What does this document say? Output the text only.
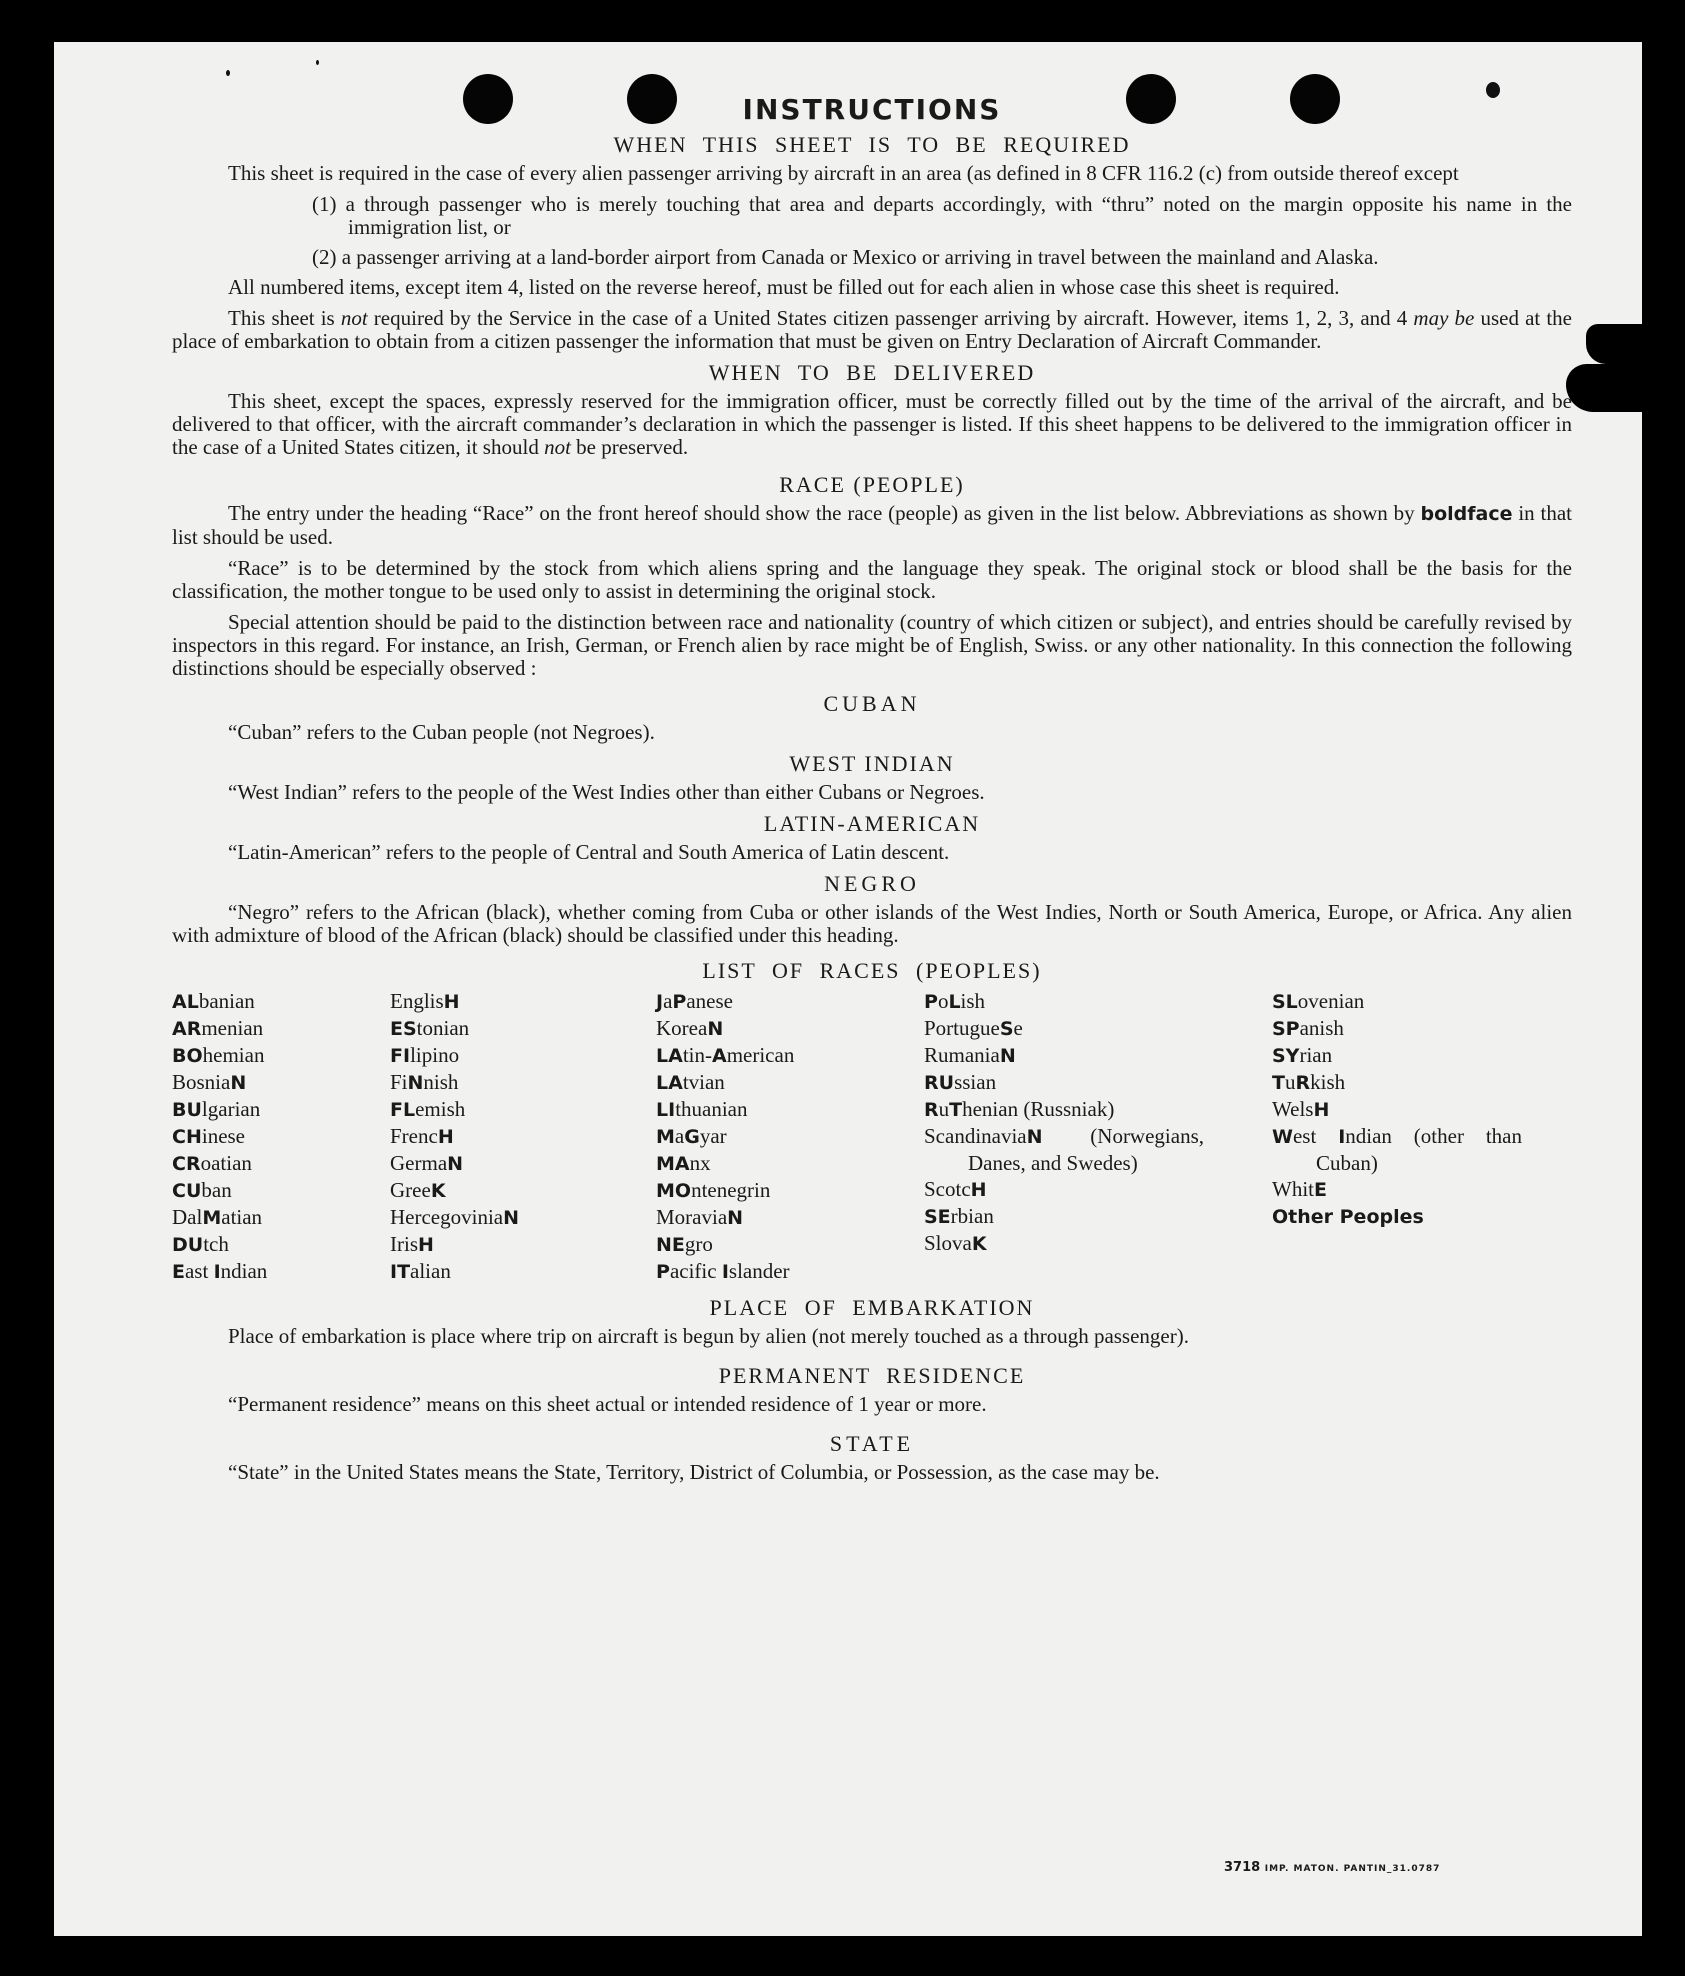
INSTRUCTIONS
WHEN THIS SHEET IS TO BE REQUIRED

This sheet is required in the case of every alien passenger arriving by aircraft in an area (as defined in 8 CFR 116.2 (c) from outside thereof except

(1) a through passenger who is merely touching that area and departs accordingly, with “thru” noted on the margin opposite his name in the immigration list, or

(2) a passenger arriving at a land-border airport from Canada or Mexico or arriving in travel between the mainland and Alaska.

All numbered items, except item 4, listed on the reverse hereof, must be filled out for each alien in whose case this sheet is required.

This sheet is not required by the Service in the case of a United States citizen passenger arriving by aircraft. However, items 1, 2, 3, and 4 may be used at the place of embarkation to obtain from a citizen passenger the information that must be given on Entry Declaration of Aircraft Commander.

WHEN TO BE DELIVERED

This sheet, except the spaces, expressly reserved for the immigration officer, must be correctly filled out by the time of the arrival of the aircraft, and be delivered to that officer, with the aircraft commander’s declaration in which the passenger is listed. If this sheet happens to be delivered to the immigration officer in the case of a United States citizen, it should not be preserved.

RACE (PEOPLE)

The entry under the heading “Race” on the front hereof should show the race (people) as given in the list below. Abbreviations as shown by boldface in that list should be used.

“Race” is to be determined by the stock from which aliens spring and the language they speak. The original stock or blood shall be the basis for the classification, the mother tongue to be used only to assist in determining the original stock.

Special attention should be paid to the distinction between race and nationality (country of which citizen or subject), and entries should be carefully revised by inspectors in this regard. For instance, an Irish, German, or French alien by race might be of English, Swiss. or any other nationality. In this connection the following distinctions should be especially observed :

CUBAN

“Cuban” refers to the Cuban people (not Negroes).

WEST INDIAN

“West Indian” refers to the people of the West Indies other than either Cubans or Negroes.

LATIN-AMERICAN

“Latin-American” refers to the people of Central and South America of Latin descent.

NEGRO

“Negro” refers to the African (black), whether coming from Cuba or other islands of the West Indies, North or South America, Europe, or Africa. Any alien with admixture of blood of the African (black) should be classified under this heading.

LIST OF RACES (PEOPLES)
ALbanian
ARmenian
BOhemian
BosniaN
BUlgarian
CHinese
CRoatian
CUban
DalMatian
DUtch
East Indian
EnglisH
EStonian
FIlipino
FiNnish
FLemish
FrencH
GermaN
GreeK
HercegoviniaN
IrisH
ITalian
JaPanese
KoreaN
LAtin-American
LAtvian
LIthuanian
MaGyar
MAnx
MOntenegrin
MoraviaN
NEgro
Pacific Islander
PoLish
PortugueSe
RumaniaN
RUssian
RuThenian (Russniak)
ScandinaviaN (Norwegians, Danes, and Swedes)
ScotcH
SErbian
SlovaK
SLovenian
SPanish
SYrian
TuRkish
WelsH
West Indian (other than Cuban)
WhitE
Other Peoples
PLACE OF EMBARKATION

Place of embarkation is place where trip on aircraft is begun by alien (not merely touched as a through passenger).

PERMANENT RESIDENCE

“Permanent residence” means on this sheet actual or intended residence of 1 year or more.

STATE

“State” in the United States means the State, Territory, District of Columbia, or Possession, as the case may be.

3718 IMP. MATON. PANTIN_31.0787
